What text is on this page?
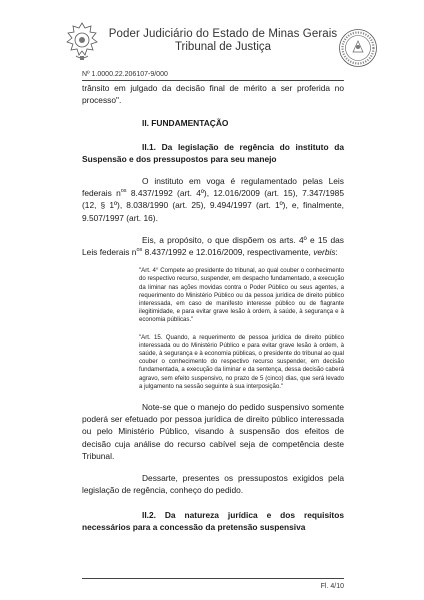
Poder Judiciário do Estado de Minas Gerais
Tribunal de Justiça
Nº 1.0000.22.206107-9/000

trânsito em julgado da decisão final de mérito a ser proferida no processo".

II. FUNDAMENTAÇÃO

II.1. Da legislação de regência do instituto da Suspensão e dos pressupostos para seu manejo

O instituto em voga é regulamentado pelas Leis federais $n^{os}$ 8.437/1992 (art. 4º), 12.016/2009 (art. 15), 7.347/1985 (12, § 1º), 8.038/1990 (art. 25), 9.494/1997 (art. 1º), e, finalmente, 9.507/1997 (art. 16).

Eis, a propósito, o que dispõem os arts. 4º e 15 das Leis federais $n^{os}$ 8.437/1992 e 12.016/2009, respectivamente, verbis:

"Art. 4° Compete ao presidente do tribunal, ao qual couber o conhecimento do respectivo recurso, suspender, em despacho fundamentado, a execução da liminar nas ações movidas contra o Poder Público ou seus agentes, a requerimento do Ministério Público ou da pessoa jurídica de direito público interessada, em caso de manifesto interesse público ou de flagrante ilegitimidade, e para evitar grave lesão à ordem, à saúde, à segurança e à economia públicas."

"Art. 15. Quando, a requerimento de pessoa jurídica de direito público interessada ou do Ministério Público e para evitar grave lesão à ordem, à saúde, à segurança e à economia públicas, o presidente do tribunal ao qual couber o conhecimento do respectivo recurso suspender, em decisão fundamentada, a execução da liminar e da sentença, dessa decisão caberá agravo, sem efeito suspensivo, no prazo de 5 (cinco) dias, que será levado a julgamento na sessão seguinte à sua interposição."

Note-se que o manejo do pedido suspensivo somente poderá ser efetuado por pessoa jurídica de direito público interessada ou pelo Ministério Público, visando à suspensão dos efeitos de decisão cuja análise do recurso cabível seja de competência deste Tribunal.

Dessarte, presentes os pressupostos exigidos pela legislação de regência, conheço do pedido.

II.2. Da natureza jurídica e dos requisitos necessários para a concessão da pretensão suspensiva

Fl. 4/10
